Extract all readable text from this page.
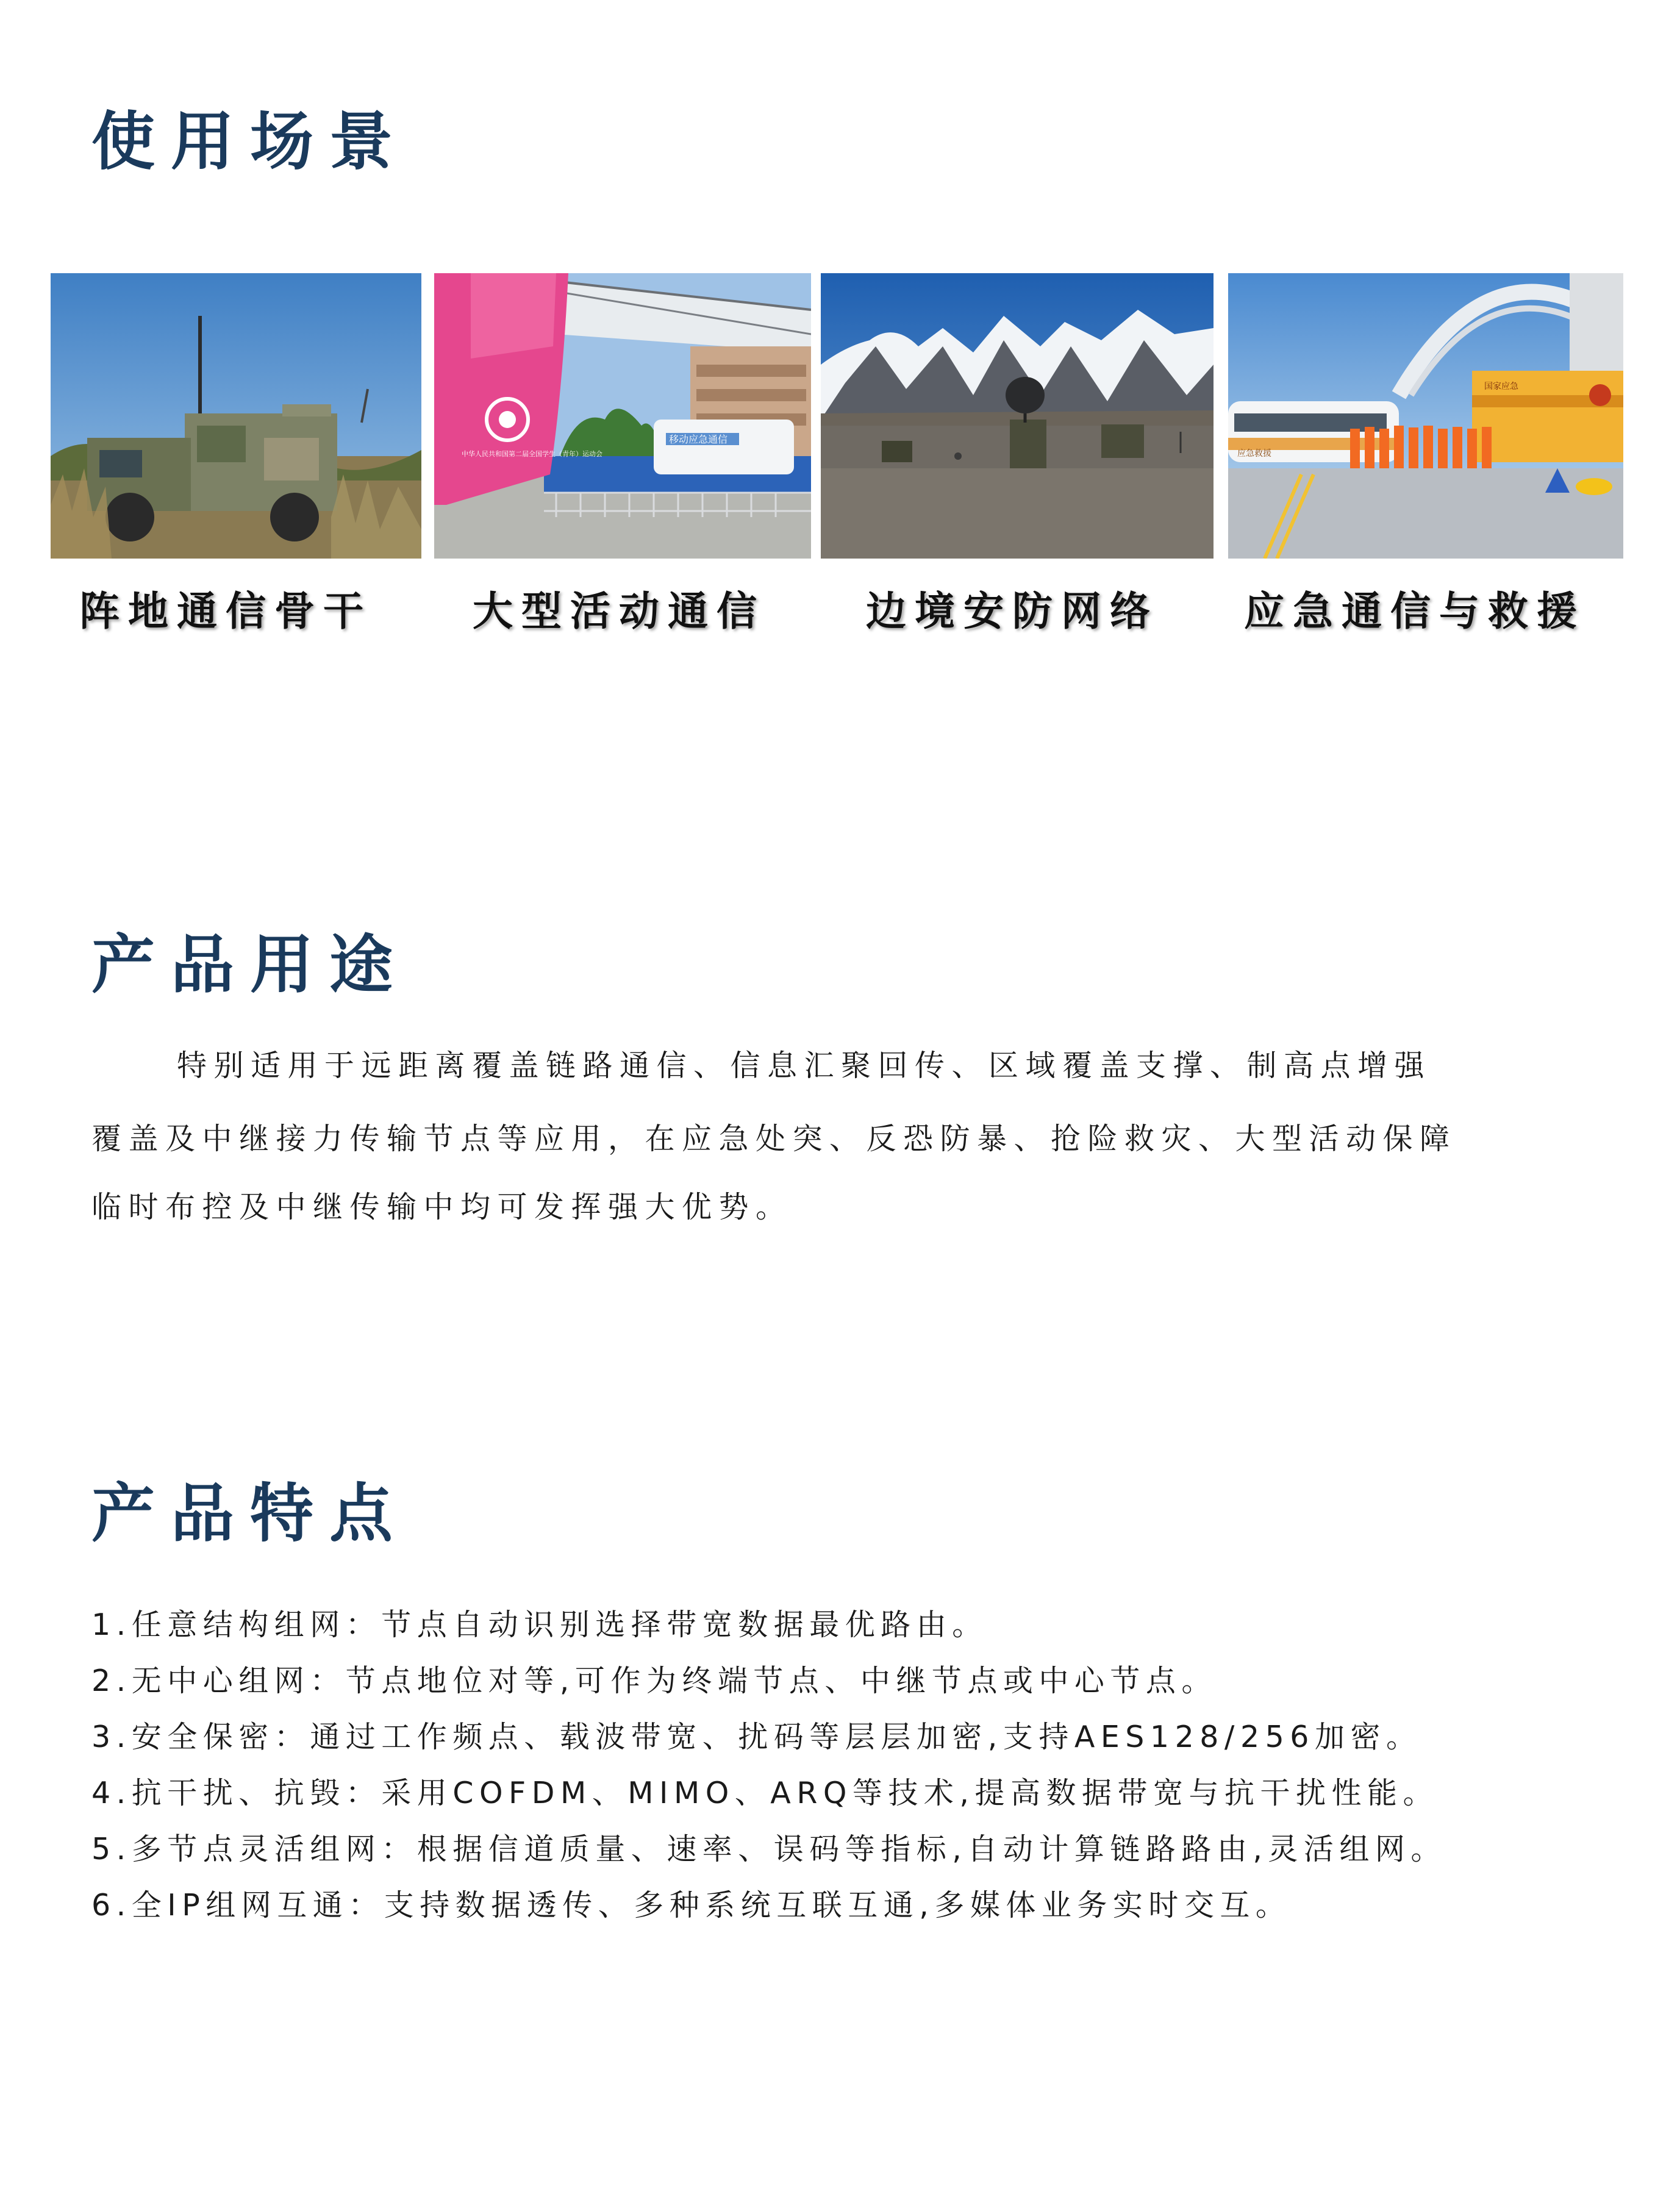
使用场景
移动应急通信
中华人民共和国第二届全国学生（青年）运动会	应急救援
国家应急
阵地通信骨干	大型活动通信	边境安防网络 应急通信与救援
产品用途

特别适用于远距离覆盖链路通信、信息汇聚回传、区域覆盖支撑、制高点增强

覆盖及中继接力传输节点等应用，在应急处突、反恐防暴、抢险救灾、大型活动保障

临时布控及中继传输中均可发挥强大优势。

产品特点

1.任意结构组网：节点自动识别选择带宽数据最优路由。

2.无中心组网：节点地位对等,可作为终端节点、中继节点或中心节点。

3.安全保密：通过工作频点、载波带宽、扰码等层层加密,支持AES128/256加密。

4.抗干扰、抗毁：采用COFDM、MIMO、ARQ等技术,提高数据带宽与抗干扰性能。

5.多节点灵活组网：根据信道质量、速率、误码等指标,自动计算链路路由,灵活组网。

6.全IP组网互通：支持数据透传、多种系统互联互通,多媒体业务实时交互。
